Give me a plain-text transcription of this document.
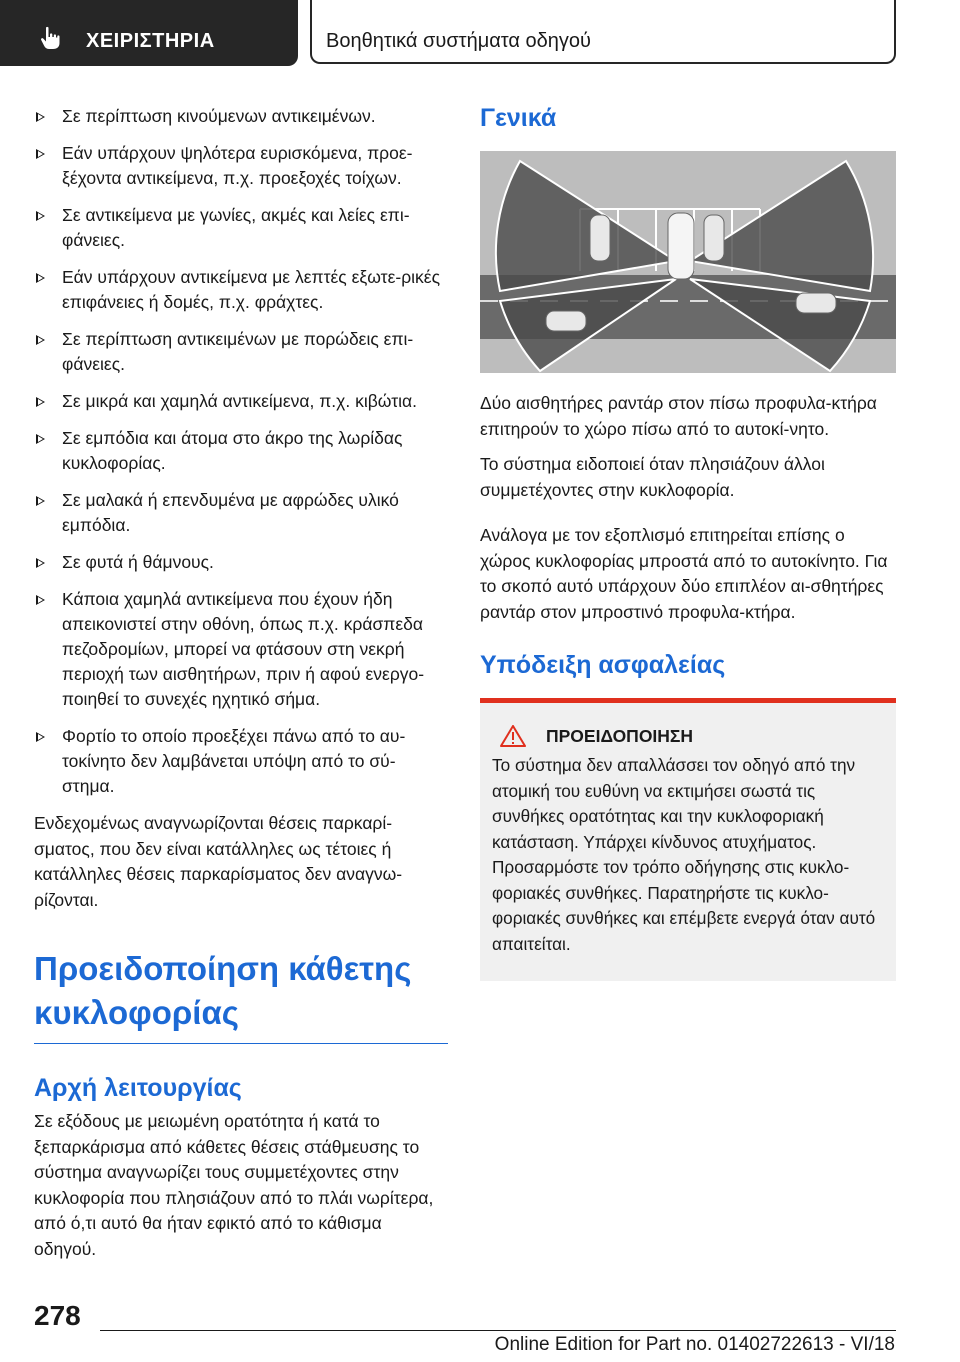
ΧΕΙΡΙΣΤΗΡΙΑ	Βοηθητικά συστήματα οδηγού
Σε περίπτωση κινούμενων αντικειμένων.
Εάν υπάρχουν ψηλότερα ευρισκόμενα, προε-ξέχοντα αντικείμενα, π.χ. προεξοχές τοίχων.
Σε αντικείμενα με γωνίες, ακμές και λείες επι-φάνειες.
Εάν υπάρχουν αντικείμενα με λεπτές εξωτε-ρικές επιφάνειες ή δομές, π.χ. φράχτες.
Σε περίπτωση αντικειμένων με πορώδεις επι-φάνειες.
Σε μικρά και χαμηλά αντικείμενα, π.χ. κιβώτια.
Σε εμπόδια και άτομα στο άκρο της λωρίδας κυκλοφορίας.
Σε μαλακά ή επενδυμένα με αφρώδες υλικό εμπόδια.
Σε φυτά ή θάμνους.
Κάποια χαμηλά αντικείμενα που έχουν ήδη απεικονιστεί στην οθόνη, όπως π.χ. κράσπεδα πεζοδρομίων, μπορεί να φτάσουν στη νεκρή περιοχή των αισθητήρων, πριν ή αφού ενεργο-ποιηθεί το συνεχές ηχητικό σήμα.
Φορτίο το οποίο προεξέχει πάνω από το αυ-τοκίνητο δεν λαμβάνεται υπόψη από το σύ-στημα.

Ενδεχομένως αναγνωρίζονται θέσεις παρκαρί-σματος, που δεν είναι κατάλληλες ως τέτοιες ή κατάλληλες θέσεις παρκαρίσματος δεν αναγνω-ρίζονται.

Προειδοποίηση κάθετης κυκλοφορίας
Αρχή λειτουργίας

Σε εξόδους με μειωμένη ορατότητα ή κατά το ξεπαρκάρισμα από κάθετες θέσεις στάθμευσης το σύστημα αναγνωρίζει τους συμμετέχοντες στην κυκλοφορία που πλησιάζουν από το πλάι νωρίτερα, από ό,τι αυτό θα ήταν εφικτό από το κάθισμα οδηγού.

Γενικά

Δύο αισθητήρες ραντάρ στον πίσω προφυλα-κτήρα επιτηρούν το χώρο πίσω από το αυτοκί-νητο.

Το σύστημα ειδοποιεί όταν πλησιάζουν άλλοι συμμετέχοντες στην κυκλοφορία.

Ανάλογα με τον εξοπλισμό επιτηρείται επίσης ο χώρος κυκλοφορίας μπροστά από το αυτοκίνητο. Για το σκοπό αυτό υπάρχουν δύο επιπλέον αι-σθητήρες ραντάρ στον μπροστινό προφυλα-κτήρα.

Υπόδειξη ασφαλείας
ΠΡΟΕΙΔΟΠΟΙΗΣΗ

Το σύστημα δεν απαλλάσσει τον οδηγό από την ατομική του ευθύνη να εκτιμήσει σωστά τις συνθήκες ορατότητας και την κυκλοφοριακή κατάσταση. Υπάρχει κίνδυνος ατυχήματος. Προσαρμόστε τον τρόπο οδήγησης στις κυκλο-φοριακές συνθήκες. Παρατηρήστε τις κυκλο-φοριακές συνθήκες και επέμβετε ενεργά όταν αυτό απαιτείται.

278
Online Edition for Part no. 01402722613 - VI/18
